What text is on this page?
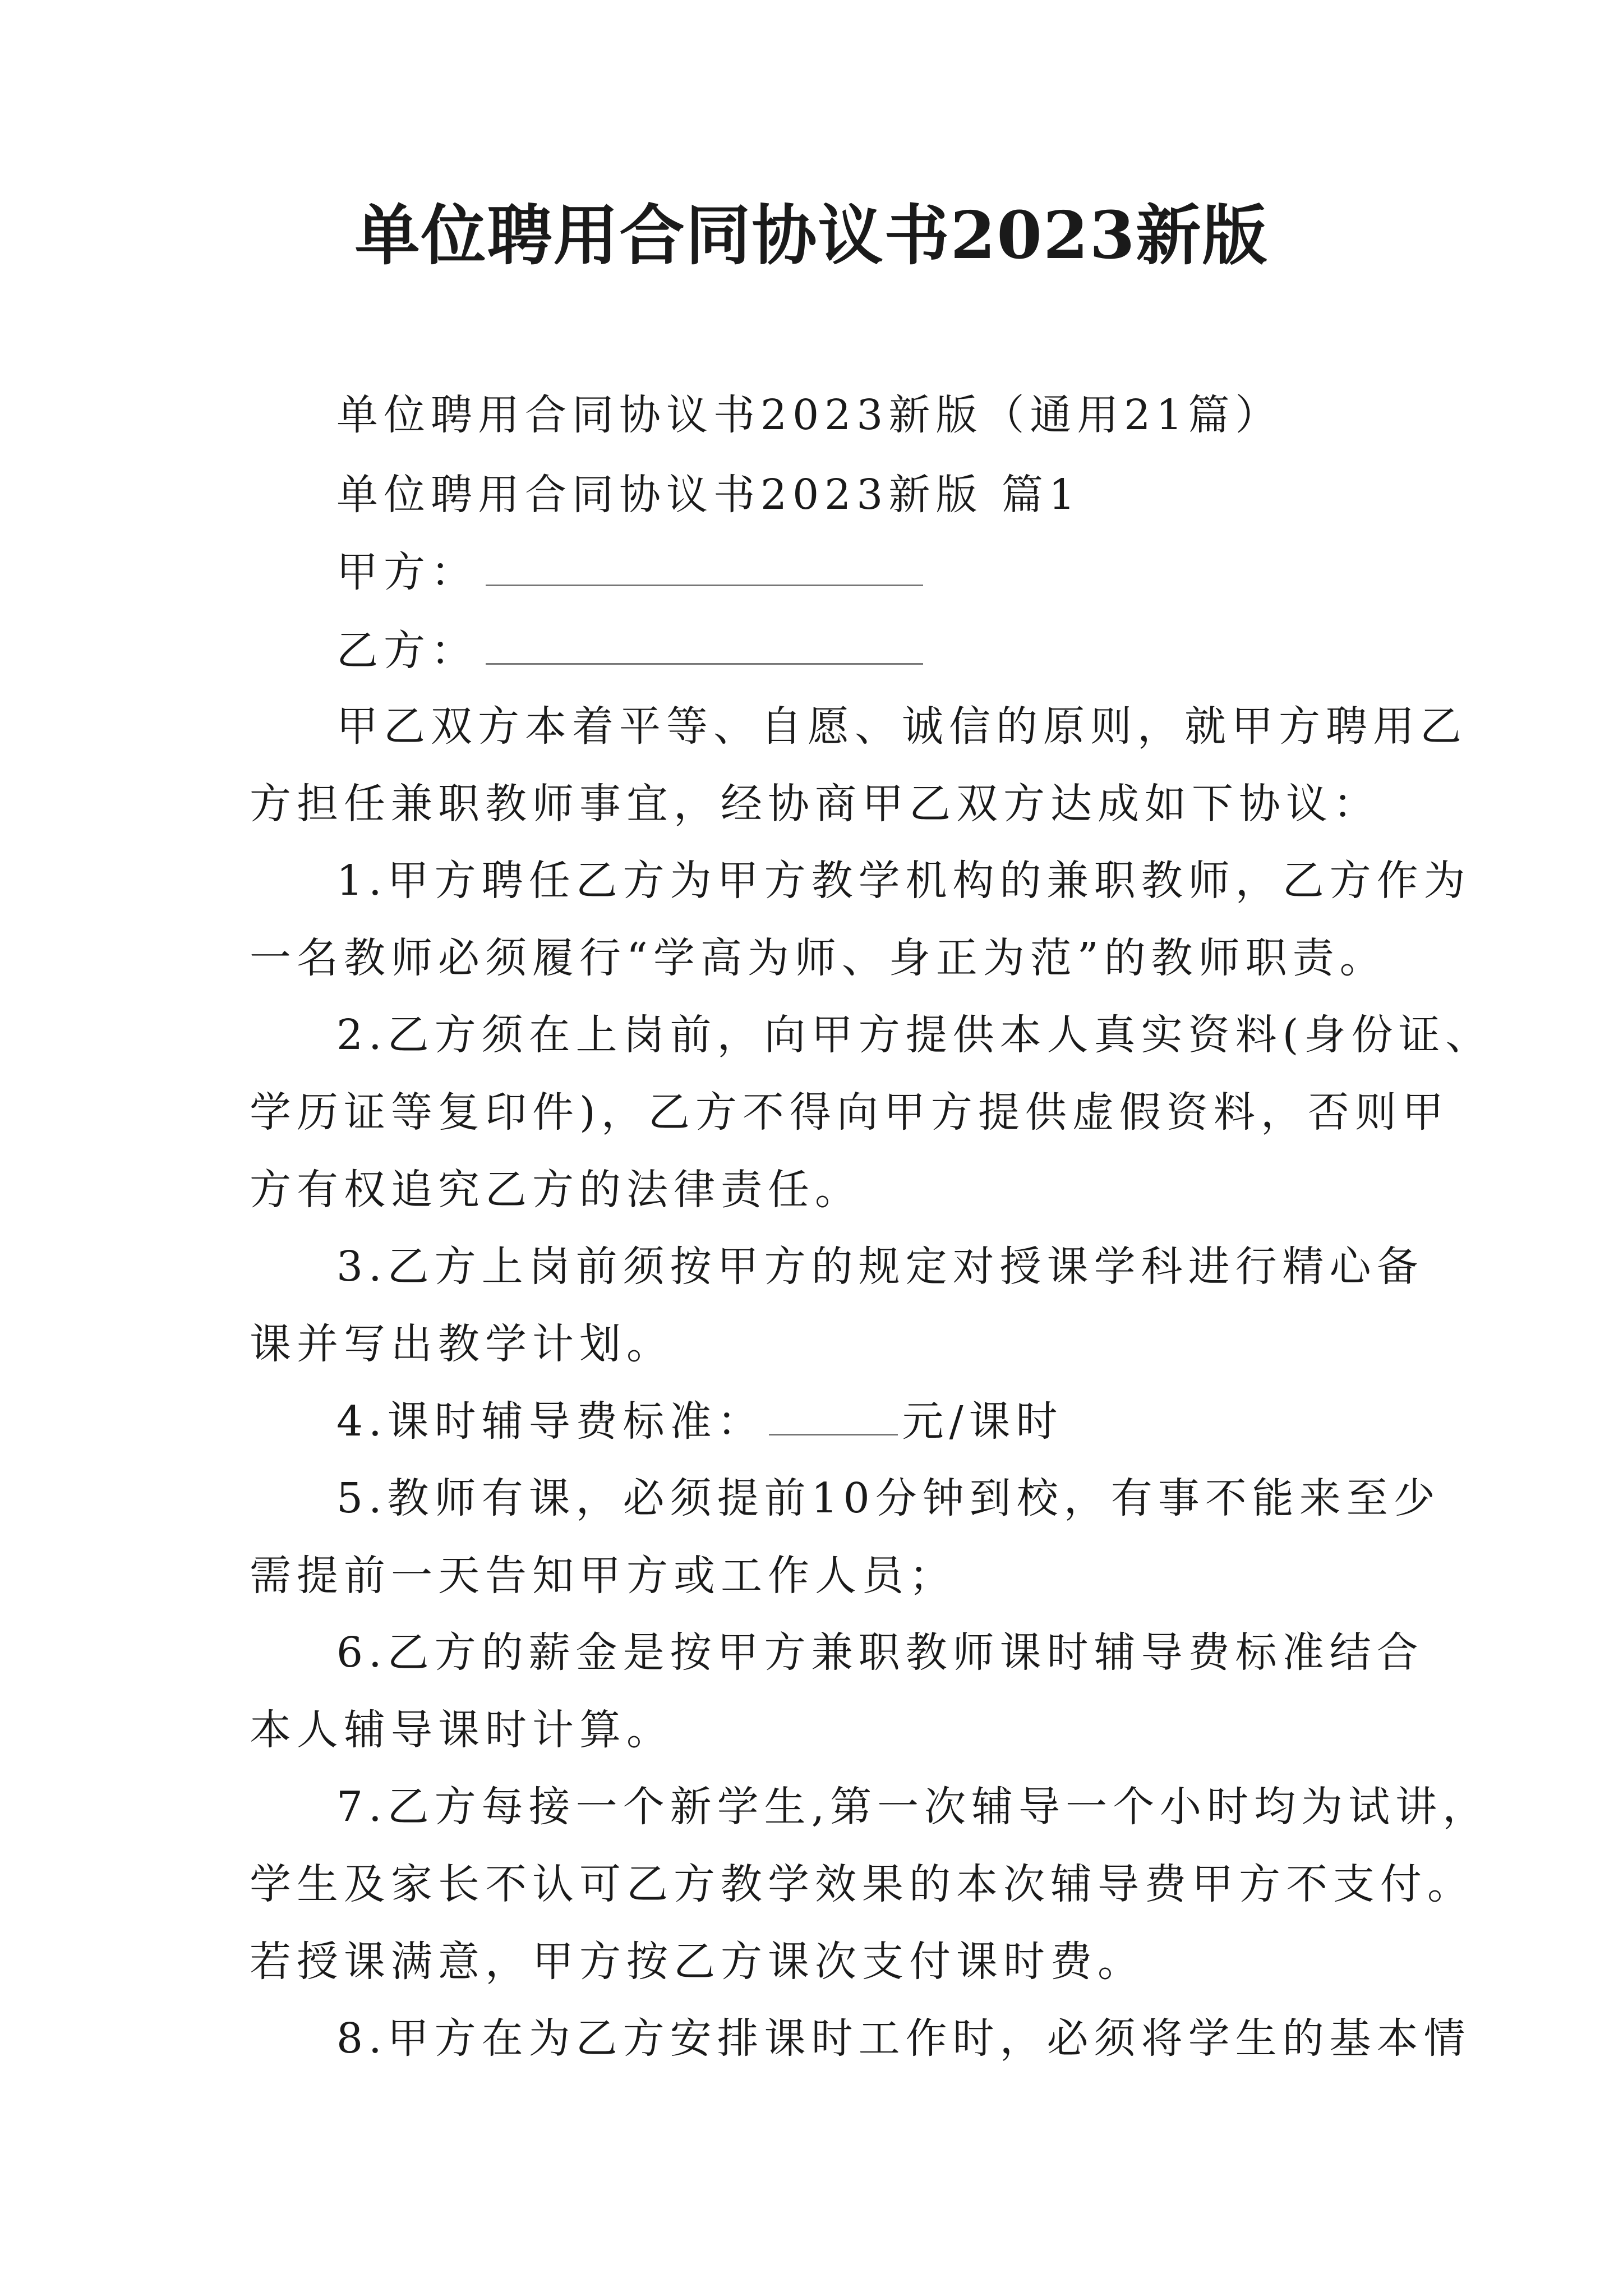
单位聘用合同协议书2023新版
单位聘用合同协议书2023新版（通用21篇）
单位聘用合同协议书2023新版 篇1
甲方：
乙方：
甲乙双方本着平等、自愿、诚信的原则，就甲方聘用乙
方担任兼职教师事宜，经协商甲乙双方达成如下协议：
1.甲方聘任乙方为甲方教学机构的兼职教师，乙方作为
一名教师必须履行“学高为师、身正为范”的教师职责。
2.乙方须在上岗前，向甲方提供本人真实资料(身份证、
学历证等复印件)，乙方不得向甲方提供虚假资料，否则甲
方有权追究乙方的法律责任。
3.乙方上岗前须按甲方的规定对授课学科进行精心备
课并写出教学计划。
4.课时辅导费标准：	元/课时
5.教师有课，必须提前10分钟到校，有事不能来至少
需提前一天告知甲方或工作人员；
6.乙方的薪金是按甲方兼职教师课时辅导费标准结合
本人辅导课时计算。
7.乙方每接一个新学生,第一次辅导一个小时均为试讲，
学生及家长不认可乙方教学效果的本次辅导费甲方不支付。
若授课满意，甲方按乙方课次支付课时费。
8.甲方在为乙方安排课时工作时，必须将学生的基本情
